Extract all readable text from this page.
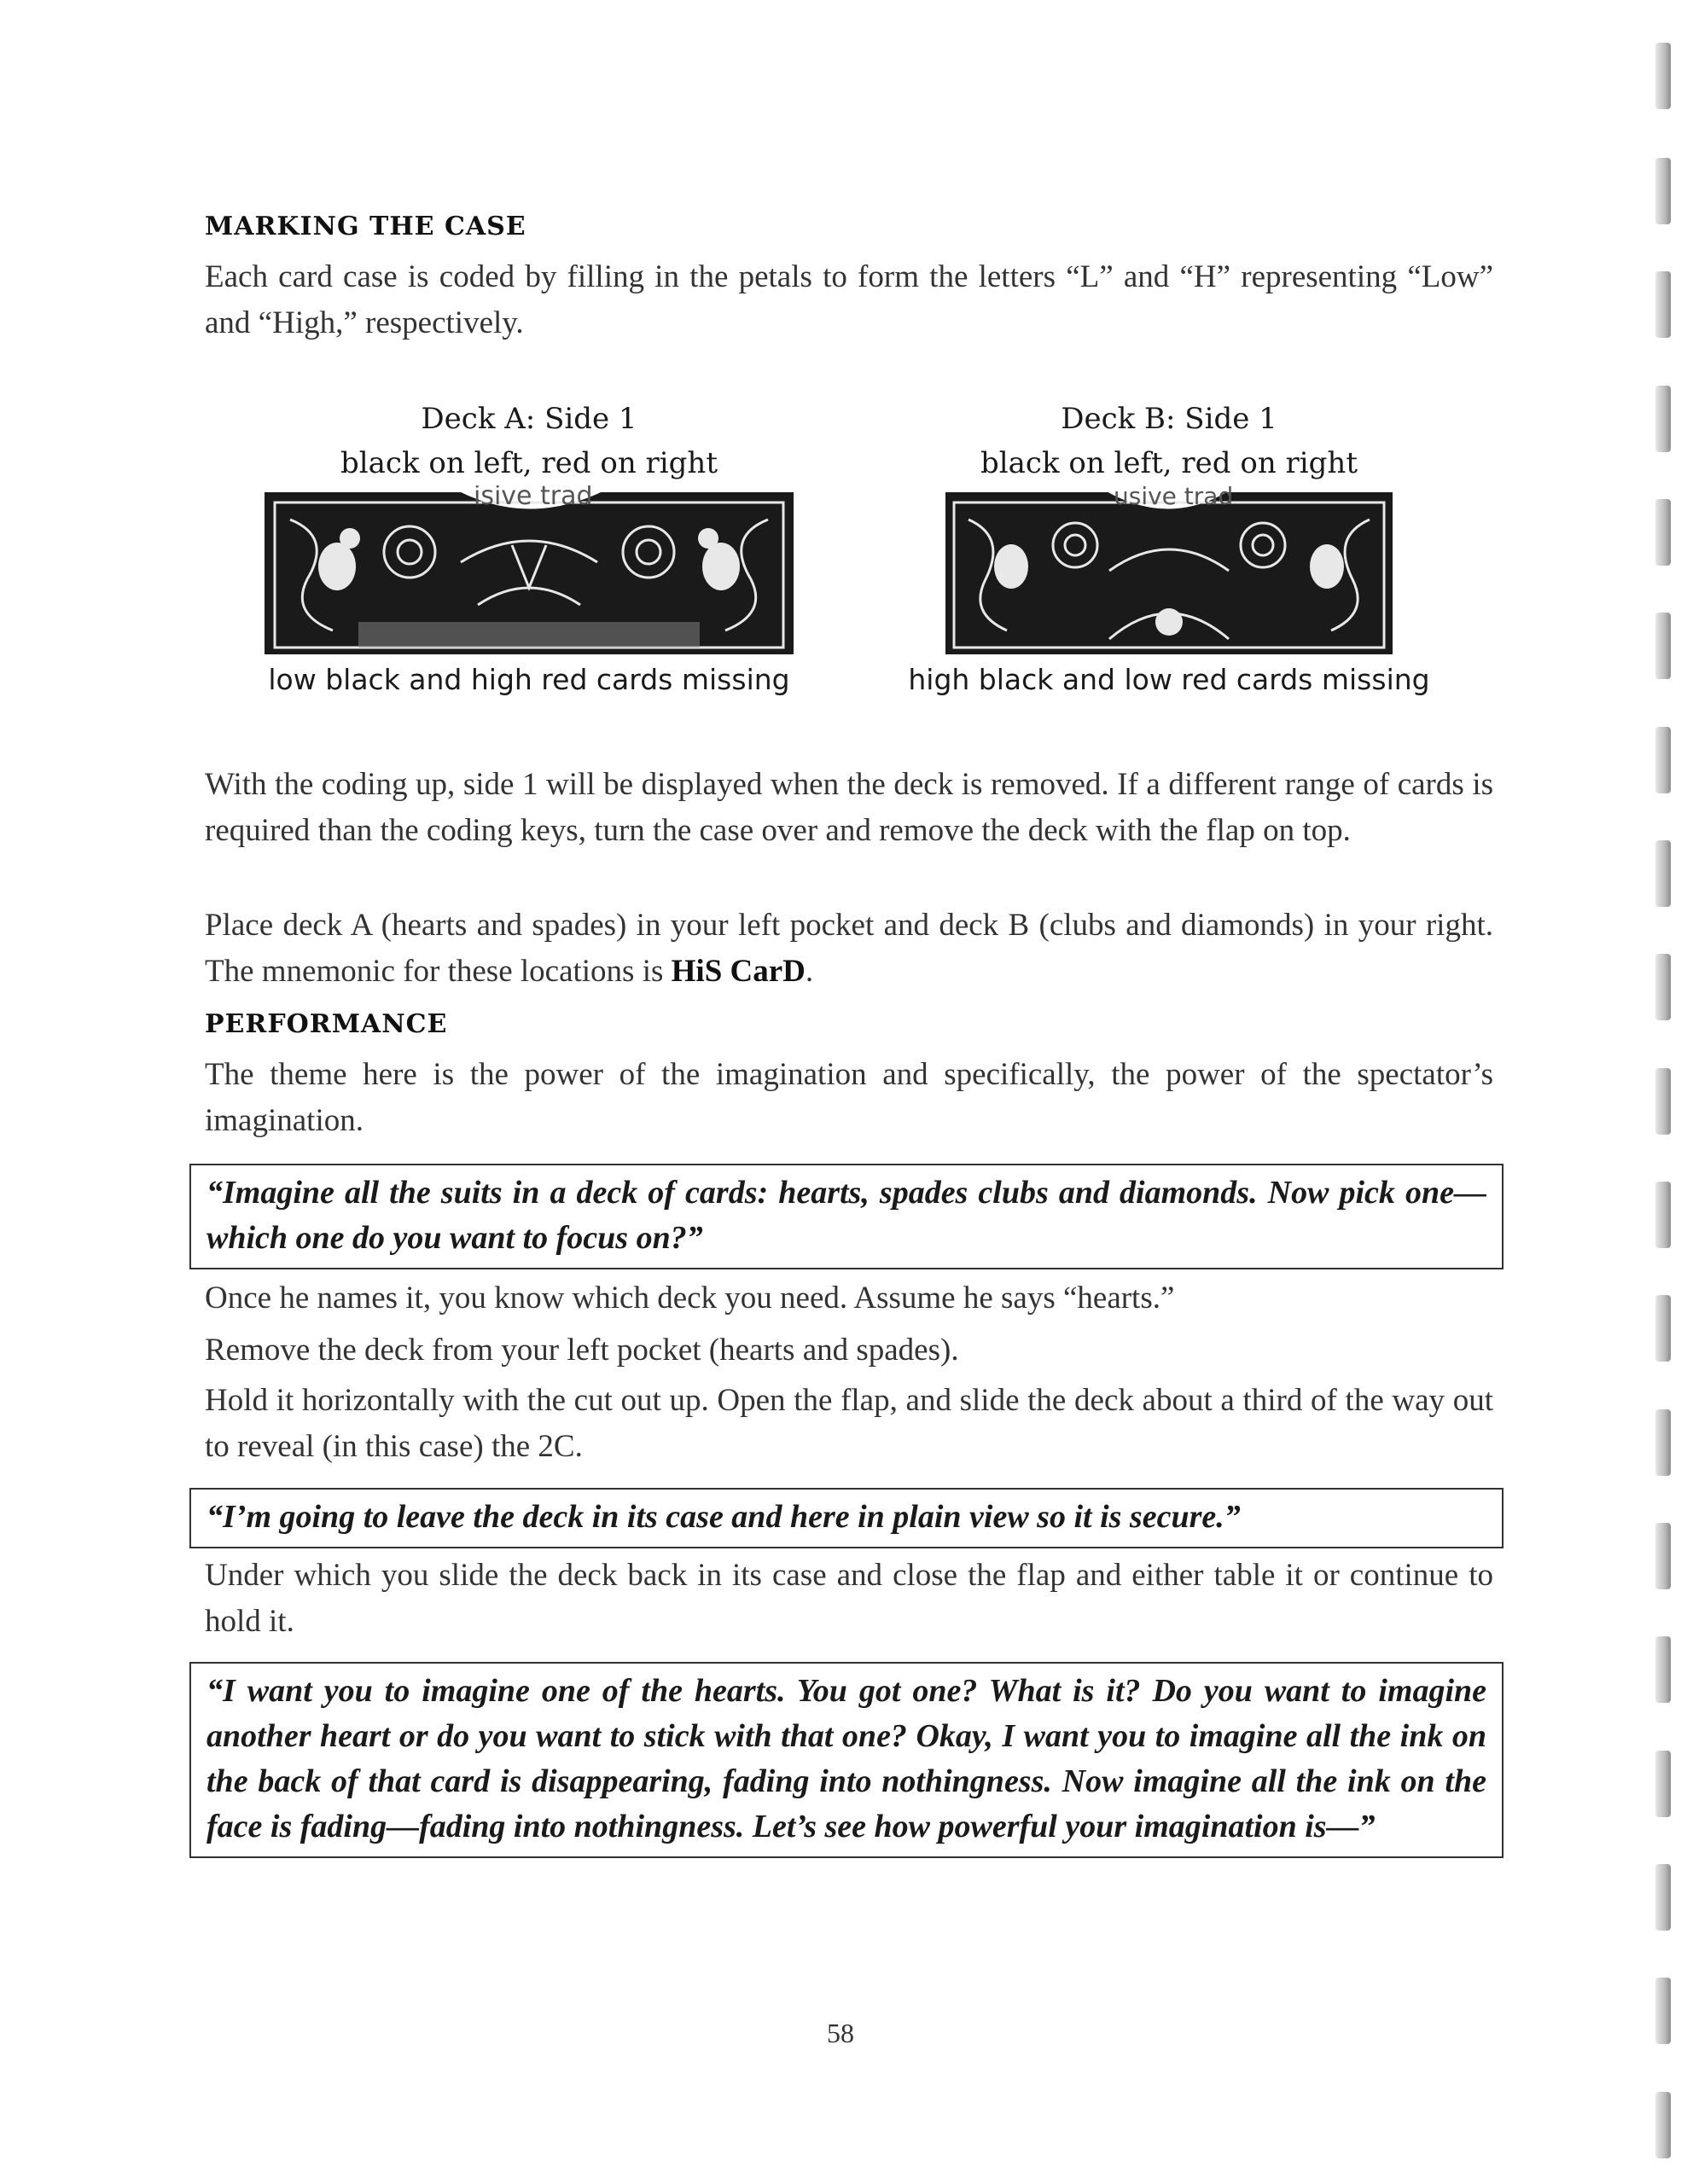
MARKING THE CASE
Each card case is coded by filling in the petals to form the letters “L” and “H” representing “Low” and “High,” respectively.
Deck A: Side 1
black on left, red on right
isive trad
low black and high red cards missing
Deck B: Side 1
black on left, red on right
usive trad
high black and low red cards missing
With the coding up, side 1 will be displayed when the deck is removed. If a different range of cards is required than the coding keys, turn the case over and remove the deck with the flap on top.
Place deck A (hearts and spades) in your left pocket and deck B (clubs and diamonds) in your right. The mnemonic for these locations is HiS CarD.
PERFORMANCE
The theme here is the power of the imagination and specifically, the power of the spectator’s imagination.
“Imagine all the suits in a deck of cards: hearts, spades clubs and diamonds. Now pick one—which one do you want to focus on?”
Once he names it, you know which deck you need. Assume he says “hearts.”
Remove the deck from your left pocket (hearts and spades).
Hold it horizontally with the cut out up. Open the flap, and slide the deck about a third of the way out to reveal (in this case) the 2C.
“I’m going to leave the deck in its case and here in plain view so it is secure.”
Under which you slide the deck back in its case and close the flap and either table it or continue to hold it.
“I want you to imagine one of the hearts. You got one? What is it? Do you want to imagine another heart or do you want to stick with that one? Okay, I want you to imagine all the ink on the back of that card is disappearing, fading into nothingness. Now imagine all the ink on the face is fading—fading into nothingness. Let’s see how powerful your imagination is—”
58
